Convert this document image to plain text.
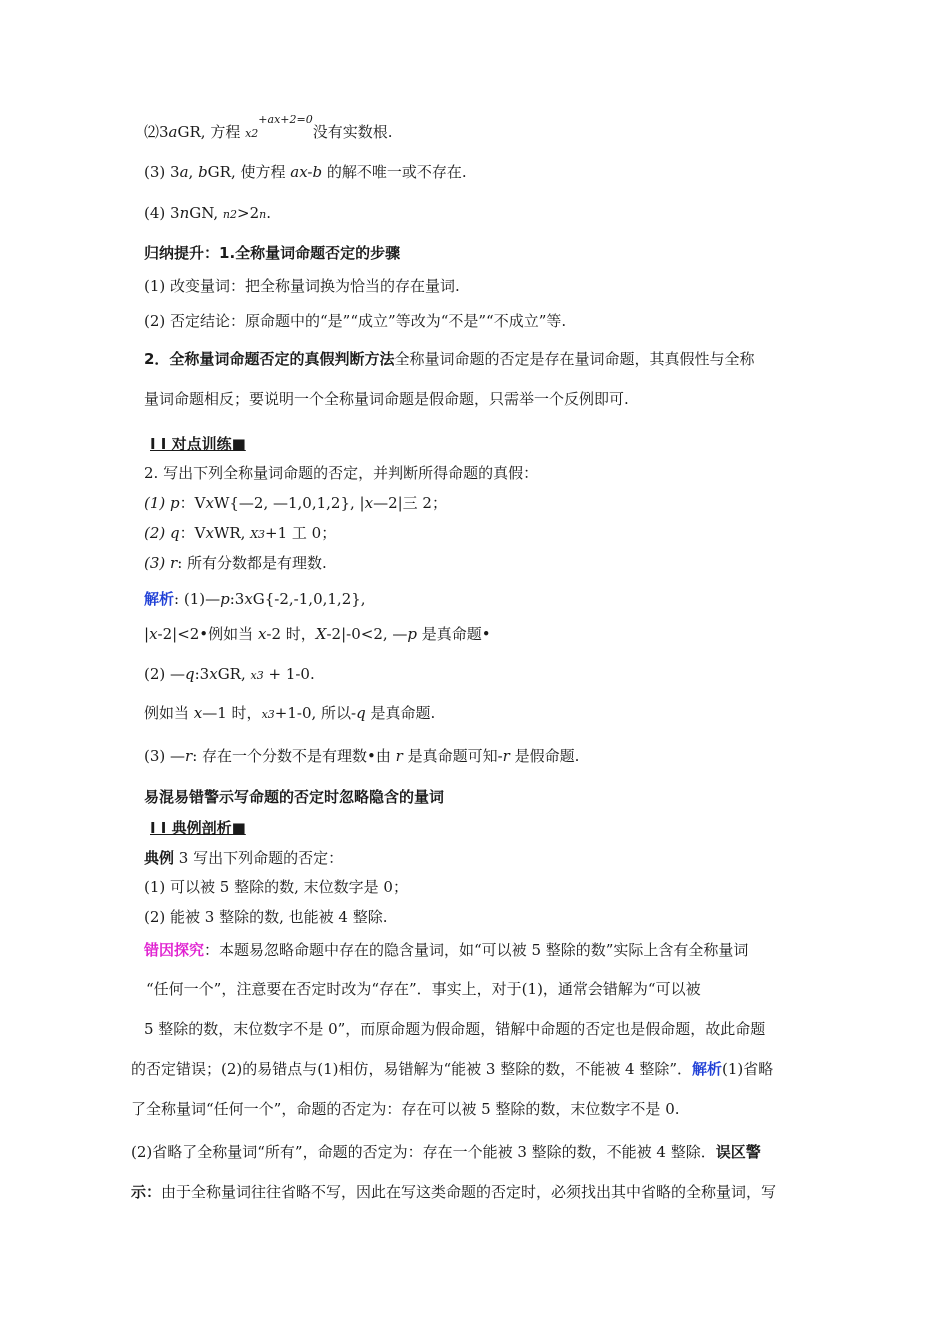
⑵3aGR, 方程 $x2^{+ax+2=0}$没有实数根.
(3) 3a, bGR, 使方程 ax-b 的解不唯一或不存在.
(4) 3nGN, n2>2n.
归纳提升：1.全称量词命题否定的步骤
(1) 改变量词：把全称量词换为恰当的存在量词.
(2) 否定结论：原命题中的“是”“成立”等改为“不是”“不成立”等.
2．全称量词命题否定的真假判断方法全称量词命题的否定是存在量词命题，其真假性与全称
量词命题相反；要说明一个全称量词命题是假命题，只需举一个反例即可.
I I 对点训练■
2. 写出下列全称量词命题的否定，并判断所得命题的真假：
(1) p：VxW{—2, —1,0,1,2}, |x—2|三 2；
(2) q：VxWR, X3+1 工 0；
(3) r: 所有分数都是有理数.
解析: (1)—p:3xG{-2,-1,0,1,2},
|x-2|<2•例如当 x-2 时，X-2|-0<2, —p 是真命题•
(2) —q:3xGR, x3 + 1-0.
例如当 x—1 时，x3+1-0, 所以-q 是真命题.
(3) —r: 存在一个分数不是有理数•由 r 是真命题可知-r 是假命题.
易混易错警示写命题的否定时忽略隐含的量词
I I 典例剖析■
典例 3 写出下列命题的否定：
(1) 可以被 5 整除的数, 末位数字是 0；
(2) 能被 3 整除的数, 也能被 4 整除.
错因探究：本题易忽略命题中存在的隐含量词，如“可以被 5 整除的数”实际上含有全称量词
“任何一个”，注意要在否定时改为“存在”．事实上，对于(1)，通常会错解为“可以被
5 整除的数，末位数字不是 0”，而原命题为假命题，错解中命题的否定也是假命题，故此命题
的否定错误；(2)的易错点与(1)相仿，易错解为“能被 3 整除的数，不能被 4 整除”．解析(1)省略
了全称量词“任何一个”，命题的否定为：存在可以被 5 整除的数，末位数字不是 0.
(2)省略了全称量词“所有”，命题的否定为：存在一个能被 3 整除的数，不能被 4 整除．误区警
示：由于全称量词往往省略不写，因此在写这类命题的否定时，必须找出其中省略的全称量词，写
